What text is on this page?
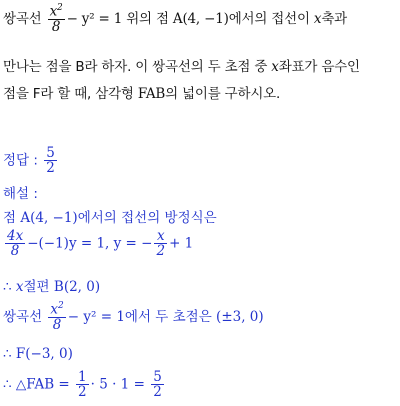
쌍곡선 $\frac{x^2}{8} - y^2 = 1$ 위의 점 A(4, −1)에서의 접선이 x축과
만나는 점을 B라 하자. 이 쌍곡선의 두 초점 중 x좌표가 음수인
점을 F라 할 때, 삼각형 FAB의 넓이를 구하시오.
정답 : $\frac{5}{2}$
해설 :
점 A(4, −1)에서의 접선의 방정식은
$\frac{4x}{8} -(-1)y = 1$, y = − $\frac{x}{2} + 1$
∴ x절편 B(2, 0)
쌍곡선 $\frac{x^2}{8} - y^2 = 1$에서 두 초점은 (±3, 0)
∴ F(−3, 0)
∴ △FAB = $\frac{1}{2} \cdot 5 \cdot 1 = \frac{5}{2}$
